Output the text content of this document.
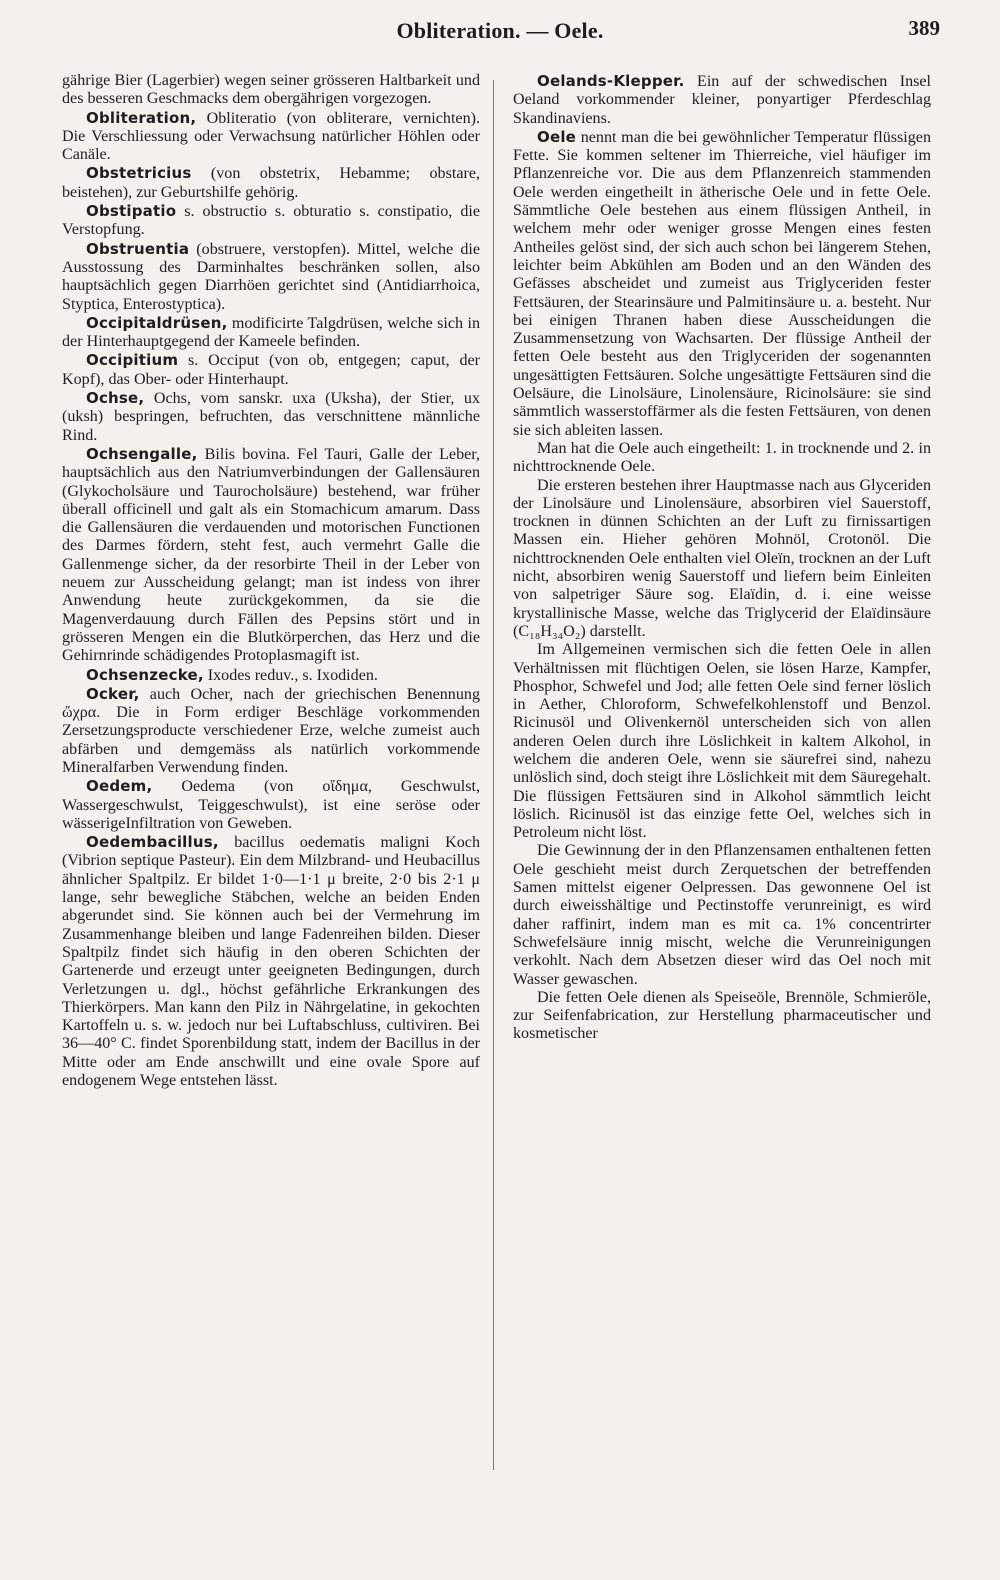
Obliteration. — Oele.	389

gährige Bier (Lagerbier) wegen seiner grösseren Haltbarkeit und des besseren Geschmacks dem obergährigen vorgezogen.

Obliteration, Obliteratio (von obliterare, vernichten). Die Verschliessung oder Verwachsung natürlicher Höhlen oder Canäle.

Obstetricius (von obstetrix, Hebamme; obstare, beistehen), zur Geburtshilfe gehörig.

Obstipatio s. obstructio s. obturatio s. constipatio, die Verstopfung.

Obstruentia (obstruere, verstopfen). Mittel, welche die Ausstossung des Darminhaltes beschränken sollen, also hauptsächlich gegen Diarrhöen gerichtet sind (Antidiarrhoica, Styptica, Enterostyptica).

Occipitaldrüsen, modificirte Talgdrüsen, welche sich in der Hinterhauptgegend der Kameele befinden.

Occipitium s. Occiput (von ob, entgegen; caput, der Kopf), das Ober- oder Hinterhaupt.

Ochse, Ochs, vom sanskr. uxa (Uksha), der Stier, ux (uksh) bespringen, befruchten, das verschnittene männliche Rind.

Ochsengalle, Bilis bovina. Fel Tauri, Galle der Leber, hauptsächlich aus den Natriumverbindungen der Gallensäuren (Glykocholsäure und Taurocholsäure) bestehend, war früher überall officinell und galt als ein Stomachicum amarum. Dass die Gallensäuren die verdauenden und motorischen Functionen des Darmes fördern, steht fest, auch vermehrt Galle die Gallenmenge sicher, da der resorbirte Theil in der Leber von neuem zur Ausscheidung gelangt; man ist indess von ihrer Anwendung heute zurückgekommen, da sie die Magenverdauung durch Fällen des Pepsins stört und in grösseren Mengen ein die Blutkörperchen, das Herz und die Gehirnrinde schädigendes Protoplasmagift ist.

Ochsenzecke, Ixodes reduv., s. Ixodiden.

Ocker, auch Ocher, nach der griechischen Benennung ὤχρα. Die in Form erdiger Beschläge vorkommenden Zersetzungsproducte verschiedener Erze, welche zumeist auch abfärben und demgemäss als natürlich vorkommende Mineralfarben Verwendung finden.

Oedem, Oedema (von οἴδημα, Geschwulst, Wassergeschwulst, Teiggeschwulst), ist eine seröse oder wässerigeInfiltration von Geweben.

Oedembacillus, bacillus oedematis maligni Koch (Vibrion septique Pasteur). Ein dem Milzbrand- und Heubacillus ähnlicher Spaltpilz. Er bildet 1·0—1·1 μ breite, 2·0 bis 2·1 μ lange, sehr bewegliche Stäbchen, welche an beiden Enden abgerundet sind. Sie können auch bei der Vermehrung im Zusammenhange bleiben und lange Fadenreihen bilden. Dieser Spaltpilz findet sich häufig in den oberen Schichten der Gartenerde und erzeugt unter geeigneten Bedingungen, durch Verletzungen u. dgl., höchst gefährliche Erkrankungen des Thierkörpers. Man kann den Pilz in Nährgelatine, in gekochten Kartoffeln u. s. w. jedoch nur bei Luftabschluss, cultiviren. Bei 36—40° C. findet Sporenbildung statt, indem der Bacillus in der Mitte oder am Ende anschwillt und eine ovale Spore auf endogenem Wege entstehen lässt.

Oelands-Klepper. Ein auf der schwedischen Insel Oeland vorkommender kleiner, ponyartiger Pferdeschlag Skandinaviens.

Oele nennt man die bei gewöhnlicher Temperatur flüssigen Fette. Sie kommen seltener im Thierreiche, viel häufiger im Pflanzenreiche vor. Die aus dem Pflanzenreich stammenden Oele werden eingetheilt in ätherische Oele und in fette Oele. Sämmtliche Oele bestehen aus einem flüssigen Antheil, in welchem mehr oder weniger grosse Mengen eines festen Antheiles gelöst sind, der sich auch schon bei längerem Stehen, leichter beim Abkühlen am Boden und an den Wänden des Gefässes abscheidet und zumeist aus Triglyceriden fester Fettsäuren, der Stearinsäure und Palmitinsäure u. a. besteht. Nur bei einigen Thranen haben diese Ausscheidungen die Zusammensetzung von Wachsarten. Der flüssige Antheil der fetten Oele besteht aus den Triglyceriden der sogenannten ungesättigten Fettsäuren. Solche ungesättigte Fettsäuren sind die Oelsäure, die Linolsäure, Linolensäure, Ricinolsäure: sie sind sämmtlich wasserstoffärmer als die festen Fettsäuren, von denen sie sich ableiten lassen.

Man hat die Oele auch eingetheilt: 1. in trocknende und 2. in nichttrocknende Oele.

Die ersteren bestehen ihrer Hauptmasse nach aus Glyceriden der Linolsäure und Linolensäure, absorbiren viel Sauerstoff, trocknen in dünnen Schichten an der Luft zu firnissartigen Massen ein. Hieher gehören Mohnöl, Crotonöl. Die nichttrocknenden Oele enthalten viel Oleïn, trocknen an der Luft nicht, absorbiren wenig Sauerstoff und liefern beim Einleiten von salpetriger Säure sog. Elaïdin, d. i. eine weisse krystallinische Masse, welche das Triglycerid der Elaïdinsäure (C₁₈H₃₄O₂) darstellt.

Im Allgemeinen vermischen sich die fetten Oele in allen Verhältnissen mit flüchtigen Oelen, sie lösen Harze, Kampfer, Phosphor, Schwefel und Jod; alle fetten Oele sind ferner löslich in Aether, Chloroform, Schwefelkohlenstoff und Benzol. Ricinusöl und Olivenkernöl unterscheiden sich von allen anderen Oelen durch ihre Löslichkeit in kaltem Alkohol, in welchem die anderen Oele, wenn sie säurefrei sind, nahezu unlöslich sind, doch steigt ihre Löslichkeit mit dem Säuregehalt. Die flüssigen Fettsäuren sind in Alkohol sämmtlich leicht löslich. Ricinusöl ist das einzige fette Oel, welches sich in Petroleum nicht löst.

Die Gewinnung der in den Pflanzensamen enthaltenen fetten Oele geschieht meist durch Zerquetschen der betreffenden Samen mittelst eigener Oelpressen. Das gewonnene Oel ist durch eiweisshältige und Pectinstoffe verunreinigt, es wird daher raffinirt, indem man es mit ca. 1% concentrirter Schwefelsäure innig mischt, welche die Verunreinigungen verkohlt. Nach dem Absetzen dieser wird das Oel noch mit Wasser gewaschen.

Die fetten Oele dienen als Speiseöle, Brennöle, Schmieröle, zur Seifenfabrication, zur Herstellung pharmaceutischer und kosmetischer
